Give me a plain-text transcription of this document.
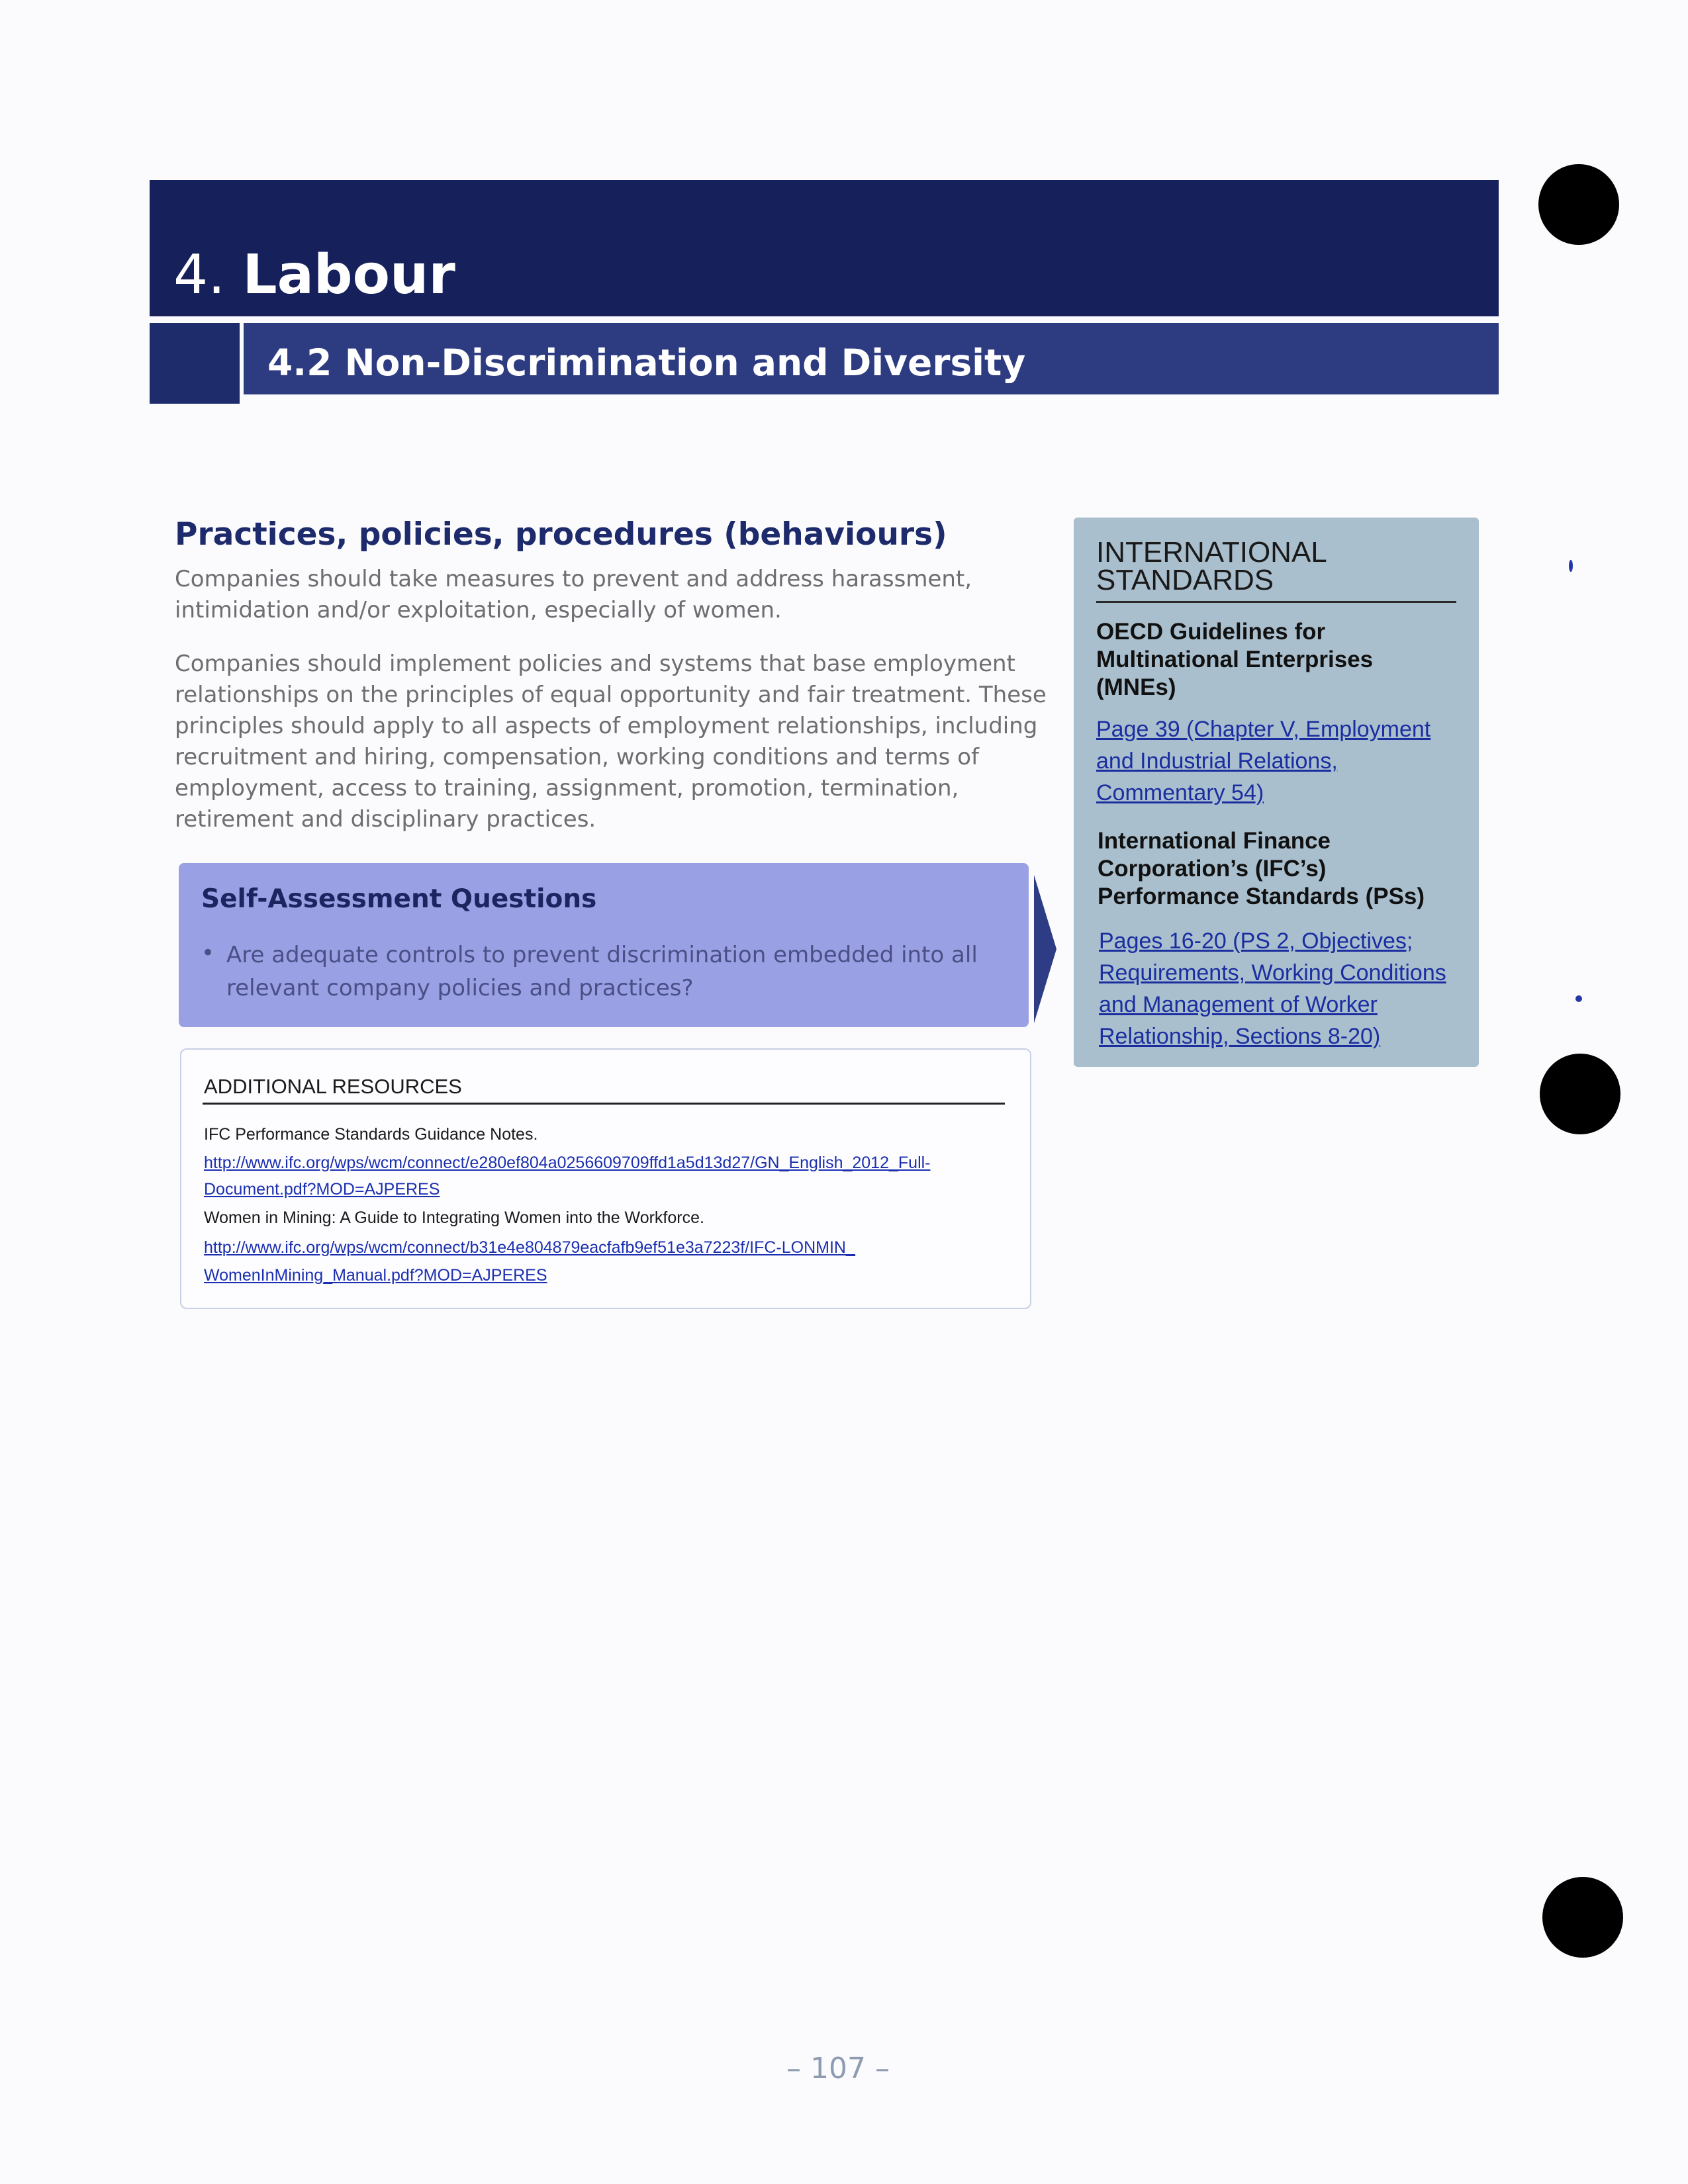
4. Labour
4.2 Non-Discrimination and Diversity
Practices, policies, procedures (behaviours)

Companies should take measures to prevent and address harassment, intimidation and/or exploitation, especially of women.

Companies should implement policies and systems that base employment relationships on the principles of equal opportunity and fair treatment. These principles should apply to all aspects of employment relationships, including recruitment and hiring, compensation, working conditions and terms of employment, access to training, assignment, promotion, termination, retirement and disciplinary practices.

Self-Assessment Questions
• Are adequate controls to prevent discrimination embedded into all relevant company policies and practices?
ADDITIONAL RESOURCES
IFC Performance Standards Guidance Notes.
http://www.ifc.org/wps/wcm/connect/e280ef804a0256609709ffd1a5d13d27/GN_English_2012_Full-
Document.pdf?MOD=AJPERES
Women in Mining: A Guide to Integrating Women into the Workforce.
http://www.ifc.org/wps/wcm/connect/b31e4e804879eacfafb9ef51e3a7223f/IFC-LONMIN_
WomenInMining_Manual.pdf?MOD=AJPERES
INTERNATIONAL STANDARDS
OECD Guidelines for Multinational Enterprises (MNEs)
Page 39 (Chapter V, Employment and Industrial Relations, Commentary 54)
International Finance Corporation’s (IFC’s) Performance Standards (PSs)
Pages 16-20 (PS 2, Objectives; Requirements, Working Conditions and Management of Worker Relationship, Sections 8-20)
– 107 –
